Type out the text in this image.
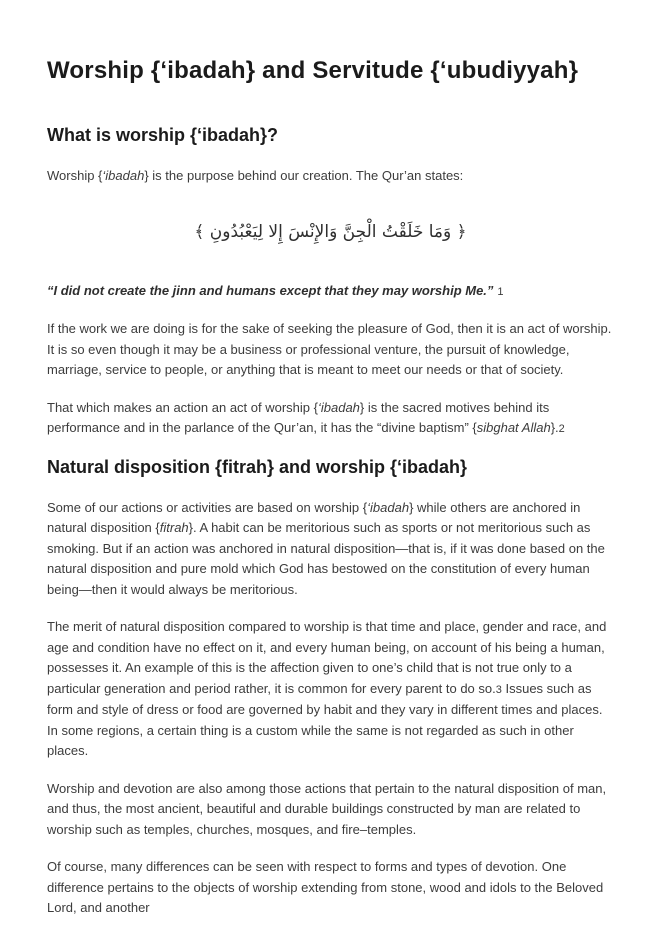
Worship {‘ibadah} and Servitude {‘ubudiyyah}
What is worship {‘ibadah}?

Worship {‘ibadah} is the purpose behind our creation. The Qur’an states:

﴿ وَمَا خَلَقْتُ الْجِنَّ وَالإِنْسَ إِلا لِيَعْبُدُونِ ﴾

“I did not create the jinn and humans except that they may worship Me.” 1

If the work we are doing is for the sake of seeking the pleasure of God, then it is an act of worship. It is so even though it may be a business or professional venture, the pursuit of knowledge, marriage, service to people, or anything that is meant to meet our needs or that of society.

That which makes an action an act of worship {‘ibadah} is the sacred motives behind its performance and in the parlance of the Qur’an, it has the “divine baptism” {sibghat Allah}.2

Natural disposition {fitrah} and worship {‘ibadah}

Some of our actions or activities are based on worship {‘ibadah} while others are anchored in natural disposition {fitrah}. A habit can be meritorious such as sports or not meritorious such as smoking. But if an action was anchored in natural disposition—that is, if it was done based on the natural disposition and pure mold which God has bestowed on the constitution of every human being—then it would always be meritorious.

The merit of natural disposition compared to worship is that time and place, gender and race, and age and condition have no effect on it, and every human being, on account of his being a human, possesses it. An example of this is the affection given to one’s child that is not true only to a particular generation and period rather, it is common for every parent to do so.3 Issues such as form and style of dress or food are governed by habit and they vary in different times and places. In some regions, a certain thing is a custom while the same is not regarded as such in other places.

Worship and devotion are also among those actions that pertain to the natural disposition of man, and thus, the most ancient, beautiful and durable buildings constructed by man are related to worship such as temples, churches, mosques, and fire–temples.

Of course, many differences can be seen with respect to forms and types of devotion. One difference pertains to the objects of worship extending from stone, wood and idols to the Beloved Lord, and another
